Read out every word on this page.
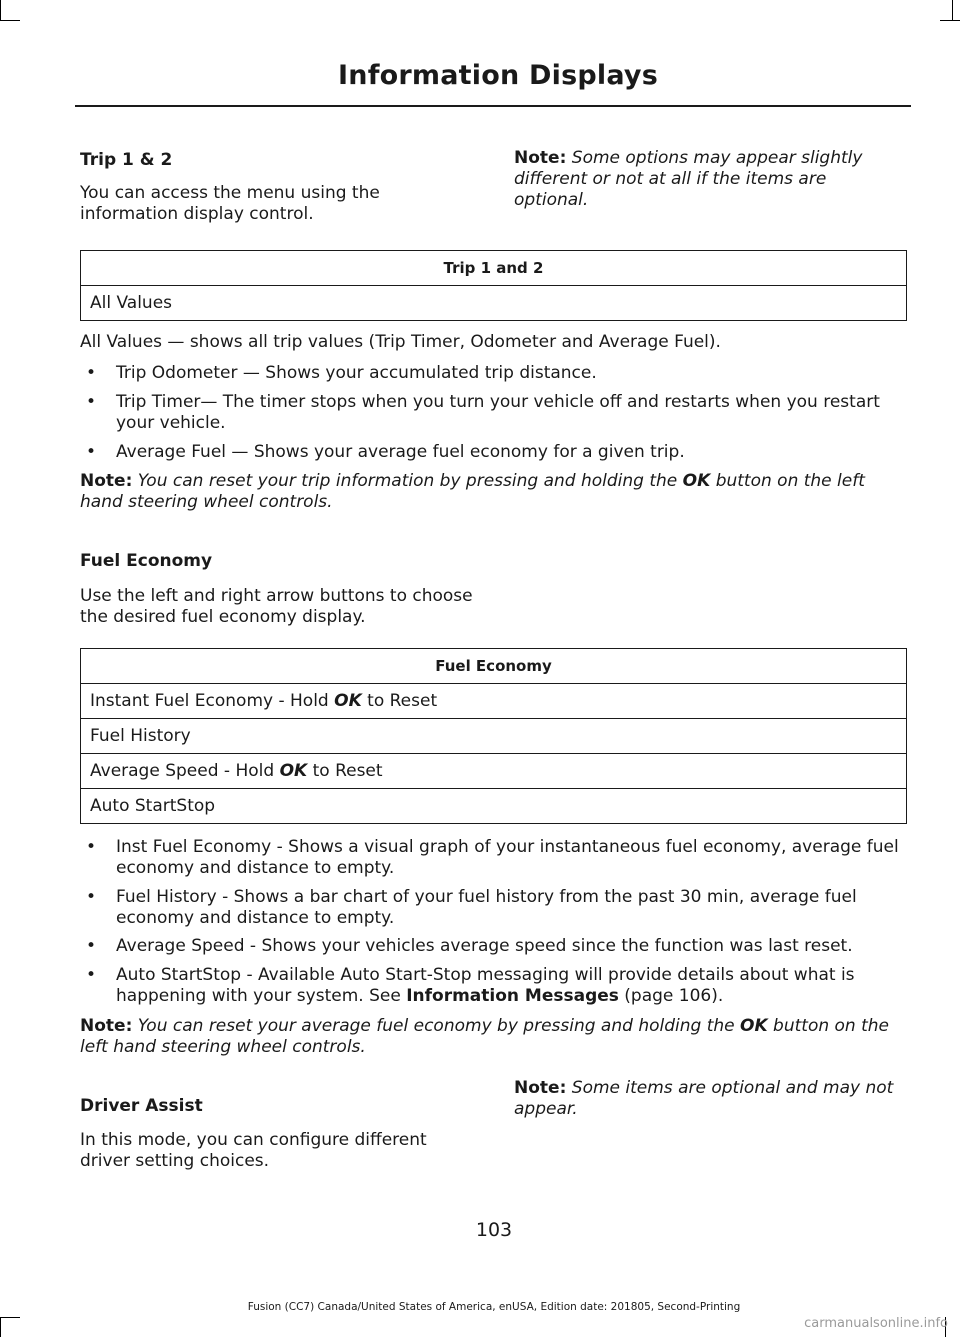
Information Displays
Trip 1 & 2
You can access the menu using the information display control.
Note: Some options may appear slightly different or not at all if the items are optional.
Trip 1 and 2
All Values
All Values — shows all trip values (Trip Timer, Odometer and Average Fuel).
• Trip Odometer — Shows your accumulated trip distance.
• Trip Timer— The timer stops when you turn your vehicle off and restarts when you restart your vehicle.
• Average Fuel — Shows your average fuel economy for a given trip.
Note: You can reset your trip information by pressing and holding the OK button on the left hand steering wheel controls.
Fuel Economy
Use the left and right arrow buttons to choose the desired fuel economy display.
Fuel Economy
Instant Fuel Economy - Hold
OK
to Reset
Fuel History
Average Speed - Hold
OK
to Reset
Auto StartStop
• Inst Fuel Economy - Shows a visual graph of your instantaneous fuel economy, average fuel economy and distance to empty.
• Fuel History - Shows a bar chart of your fuel history from the past 30 min, average fuel economy and distance to empty.
• Average Speed - Shows your vehicles average speed since the function was last reset.
• Auto StartStop - Available Auto Start-Stop messaging will provide details about what is happening with your system. See Information Messages (page 106).
Note: You can reset your average fuel economy by pressing and holding the OK button on the left hand steering wheel controls.
Driver Assist
In this mode, you can configure different driver setting choices.
Note: Some items are optional and may not appear.
103
Fusion (CC7) Canada/United States of America, enUSA, Edition date: 201805, Second-Printing
carmanualsonline.info
